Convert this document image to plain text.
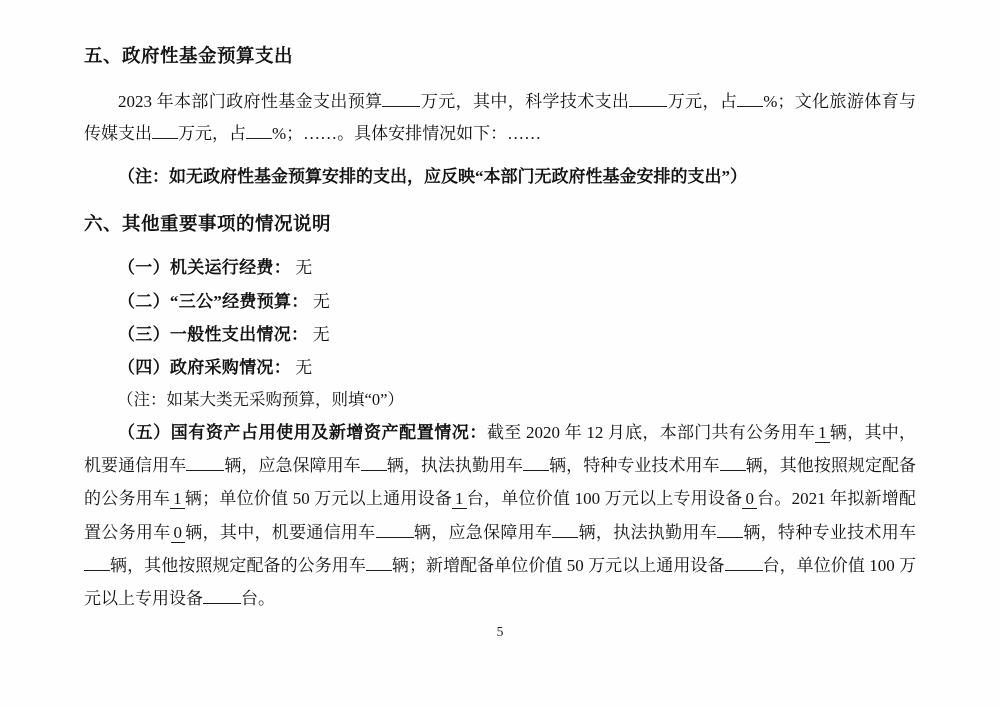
五、政府性基金预算支出

2023 年本部门政府性基金支出预算 万元，其中，科学技术支出 万元，占 %；文化旅游体育与传媒支出 万元，占 %；……。具体安排情况如下：……

（注：如无政府性基金预算安排的支出，应反映“本部门无政府性基金安排的支出”）

六、其他重要事项的情况说明

（一）机关运行经费： 无

（二）“三公”经费预算： 无

（三）一般性支出情况： 无

（四）政府采购情况： 无

（注：如某大类无采购预算，则填“0”）

（五）国有资产占用使用及新增资产配置情况：截至 2020 年 12 月底，本部门共有公务用车 1 辆，其中，机要通信用车 辆，应急保障用车 辆，执法执勤用车 辆，特种专业技术用车 辆，其他按照规定配备的公务用车 1 辆；单位价值 50 万元以上通用设备 1 台，单位价值 100 万元以上专用设备 0 台。2021 年拟新增配置公务用车 0 辆，其中，机要通信用车 辆，应急保障用车 辆，执法执勤用车 辆，特种专业技术用车辆，其他按照规定配备的公务用车 辆；新增配备单位价值 50 万元以上通用设备 台，单位价值 100 万元以上专用设备 台。

5
